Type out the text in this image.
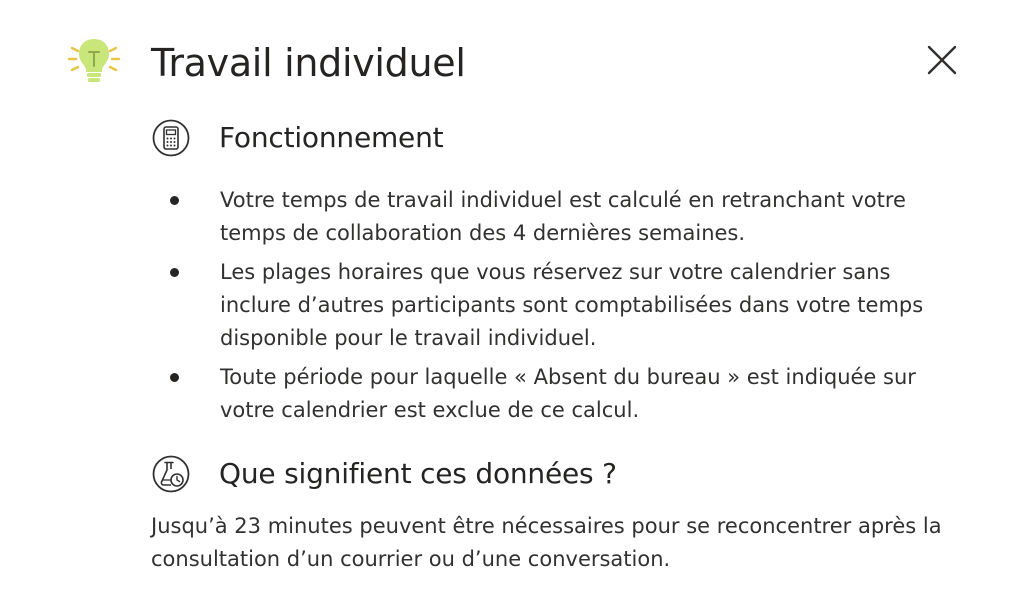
Travail individuel
Fonctionnement
Votre temps de travail individuel est calculé en retranchant votre temps de collaboration des 4 dernières semaines.
Les plages horaires que vous réservez sur votre calendrier sans inclure d’autres participants sont comptabilisées dans votre temps disponible pour le travail individuel.
Toute période pour laquelle « Absent du bureau » est indiquée sur votre calendrier est exclue de ce calcul.
Que signifient ces données ?

Jusqu’à 23 minutes peuvent être nécessaires pour se reconcentrer après la consultation d’un courrier ou d’une conversation.
